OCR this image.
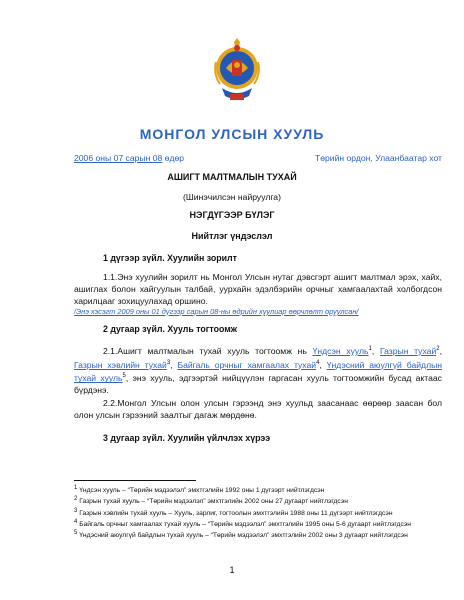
МОНГОЛ УЛСЫН ХУУЛЬ
2006 оны 07 сарын 08 өдөр	Төрийн ордон, Улаанбаатар хот
АШИГТ МАЛТМАЛЫН ТУХАЙ
(Шинэчилсэн найруулга)
НЭГДҮГЭЭР БҮЛЭГ
Нийтлэг үндэслэл
1 дүгээр зүйл. Хуулийн зорилт
1.1.Энэ хуулийн зорилт нь Монгол Улсын нутаг дэвсгэрт ашигт малтмал эрэх, хайх, ашиглах болон хайгуулын талбай, уурхайн эдэлбэрийн орчныг хамгаалахтай холбогдсон харилцааг зохицуулахад оршино.
/Энэ хэсэгт 2009 оны 01 дүгээр сарын 08-ны өдрийн хуулиар өөрчлөлт оруулсан/
2 дугаар зүйл. Хууль тогтоомж
2.1.Ашигт малтмалын тухай хууль тогтоомж нь Үндсэн хууль$^1$, Газрын тухай$^2$, Газрын хэвлийн тухай$^3$, Байгаль орчныг хамгаалах тухай$^4$, Үндэсний аюулгүй байдлын тухай хууль$^5$, энэ хууль, эдгээртэй нийцүүлэн гаргасан хууль тогтоомжийн бусад актаас бүрдэнэ.
2.2.Монгол Улсын олон улсын гэрээнд энэ хуульд заасанаас өөрөөр заасан бол олон улсын гэрээний заалтыг дагаж мөрдөнө.
3 дугаар зүйл. Хуулийн үйлчлэх хүрээ

$^1$ Үндсэн хууль – “Төрийн мэдээлэл” эмхтгэлийн 1992 оны 1 дүгээрт нийтлэгдсэн

$^2$ Газрын тухай хууль – “Төрийн мэдээлэл” эмхтгэлийн 2002 оны 27 дугаарт нийтлэгдсэн

$^3$ Газрын хэвлийн тухай хууль – Хууль, зарлиг, тогтоолын эмхтгэлийн 1988 оны 11 дүгээрт нийтлэгдсэн

$^4$ Байгаль орчныг хамгаалах тухай хууль – “Төрийн мэдээлэл” эмхтгэлийн 1995 оны 5-6 дугаарт нийтлэгдсэн

$^5$ Үндэсний аюулгүй байдлын тухай хууль – “Төрийн мэдээлэл” эмхтгэлийн 2002 оны 3 дугаарт нийтлэгдсэн

1
